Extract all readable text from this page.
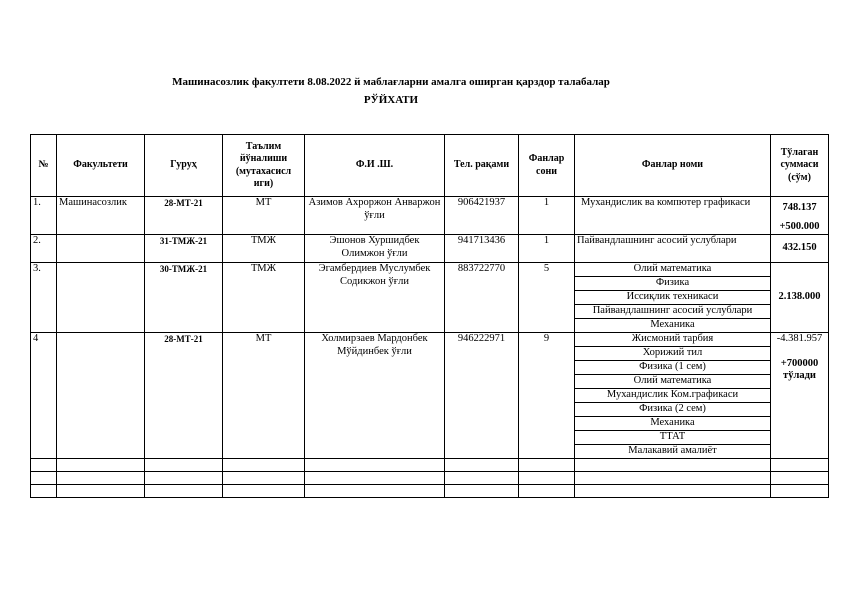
Машинасозлик факултети 8.08.2022 й маблағларни амалга оширган қарздор талабалар
РЎЙХАТИ
№	Факультети	Гуруҳ	Таълим йўналиши (мутахасисл иги)	Ф.И .Ш.	Тел. рақами	Фанлар сони	Фанлар номи	Тўлаган суммаси (сўм)
1.	Машинасозлик	28-МТ-21	МТ	Азимов Ахроржон Анваржон ўғли	906421937	1	Мухандислик ва компютер графикаси	748.137
+500.000

2.		31-ТМЖ-21	ТМЖ	Эшонов Хуршидбек Олимжон ўғли	941713436	1	Пайвандлашнинг асосий услублари	432.150
3.		30-ТМЖ-21	ТМЖ	Эгамбердиев Муслумбек Содикжон ўғли	883722770	5	Олий математика	2.138.000
							Физика	
							Иссиқлик техникаси	
							Пайвандлашнинг асосий услублари	
							Механика	
4		28-МТ-21	МТ	Холмирзаев Мардонбек Мўйдинбек ўғли	946222971	9	Жисмоний тарбия	-4.381.957
+700000 тўлади

							Хорижий тил	
							Физика (1 сем)	
							Олий математика	
							Мухандислик Ком.графикаси	
							Физика (2 сем)	
							Механика	
							ТТАТ	
							Малакавий амалиёт	
